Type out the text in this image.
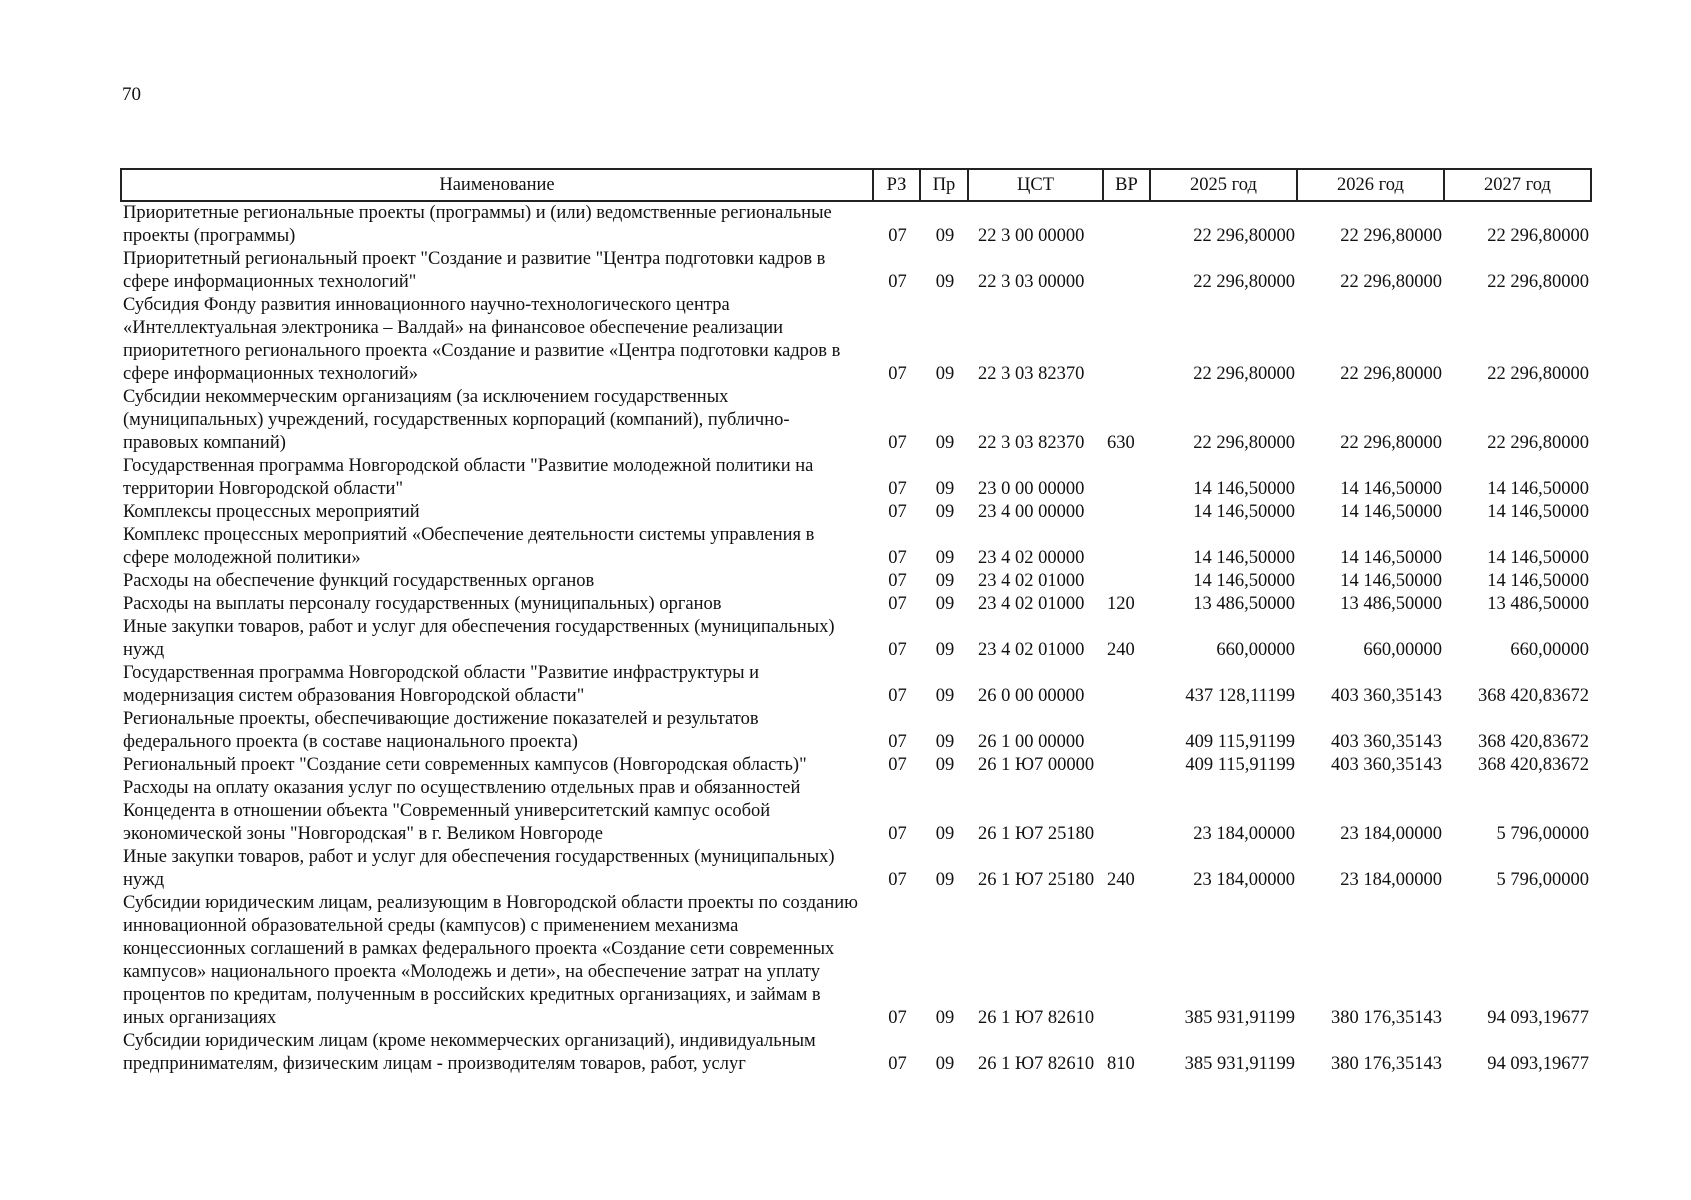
70
Наименование	РЗ	Пр	ЦСТ	ВР	2025 год	2026 год	2027 год
Приоритетные региональные проекты (программы) и (или) ведомственные региональные проекты (программы)	07	09	22 3 00 00000		22 296,80000	22 296,80000	22 296,80000
Приоритетный региональный проект "Создание и развитие "Центра подготовки кадров в сфере информационных технологий"	07	09	22 3 03 00000		22 296,80000	22 296,80000	22 296,80000
Субсидия Фонду развития инновационного научно-технологического центра «Интеллектуальная электроника – Валдай» на финансовое обеспечение реализации приоритетного регионального проекта «Создание и развитие «Центра подготовки кадров в сфере информационных технологий»	07	09	22 3 03 82370		22 296,80000	22 296,80000	22 296,80000
Субсидии некоммерческим организациям (за исключением государственных (муниципальных) учреждений, государственных корпораций (компаний), публично-правовых компаний)	07	09	22 3 03 82370	630	22 296,80000	22 296,80000	22 296,80000
Государственная программа Новгородской области "Развитие молодежной политики на территории Новгородской области"	07	09	23 0 00 00000		14 146,50000	14 146,50000	14 146,50000
Комплексы процессных мероприятий	07	09	23 4 00 00000		14 146,50000	14 146,50000	14 146,50000
Комплекс процессных мероприятий «Обеспечение деятельности системы управления в сфере молодежной политики»	07	09	23 4 02 00000		14 146,50000	14 146,50000	14 146,50000
Расходы на обеспечение функций государственных органов	07	09	23 4 02 01000		14 146,50000	14 146,50000	14 146,50000
Расходы на выплаты персоналу государственных (муниципальных) органов	07	09	23 4 02 01000	120	13 486,50000	13 486,50000	13 486,50000
Иные закупки товаров, работ и услуг для обеспечения государственных (муниципальных) нужд	07	09	23 4 02 01000	240	660,00000	660,00000	660,00000
Государственная программа Новгородской области "Развитие инфраструктуры и модернизация систем образования Новгородской области"	07	09	26 0 00 00000		437 128,11199	403 360,35143	368 420,83672
Региональные проекты, обеспечивающие достижение показателей и результатов федерального проекта (в составе национального проекта)	07	09	26 1 00 00000		409 115,91199	403 360,35143	368 420,83672
Региональный проект "Создание сети современных кампусов (Новгородская область)"	07	09	26 1 Ю7 00000		409 115,91199	403 360,35143	368 420,83672
Расходы на оплату оказания услуг по осуществлению отдельных прав и обязанностей Концедента в отношении объекта "Современный университетский кампус особой экономической зоны "Новгородская" в г. Великом Новгороде	07	09	26 1 Ю7 25180		23 184,00000	23 184,00000	5 796,00000
Иные закупки товаров, работ и услуг для обеспечения государственных (муниципальных) нужд	07	09	26 1 Ю7 25180	240	23 184,00000	23 184,00000	5 796,00000
Субсидии юридическим лицам, реализующим в Новгородской области проекты по созданию инновационной образовательной среды (кампусов) с применением механизма концессионных соглашений в рамках федерального проекта «Создание сети современных кампусов» национального проекта «Молодежь и дети», на обеспечение затрат на уплату процентов по кредитам, полученным в российских кредитных организациях, и займам в иных организациях	07	09	26 1 Ю7 82610		385 931,91199	380 176,35143	94 093,19677
Субсидии юридическим лицам (кроме некоммерческих организаций), индивидуальным предпринимателям, физическим лицам - производителям товаров, работ, услуг	07	09	26 1 Ю7 82610	810	385 931,91199	380 176,35143	94 093,19677
